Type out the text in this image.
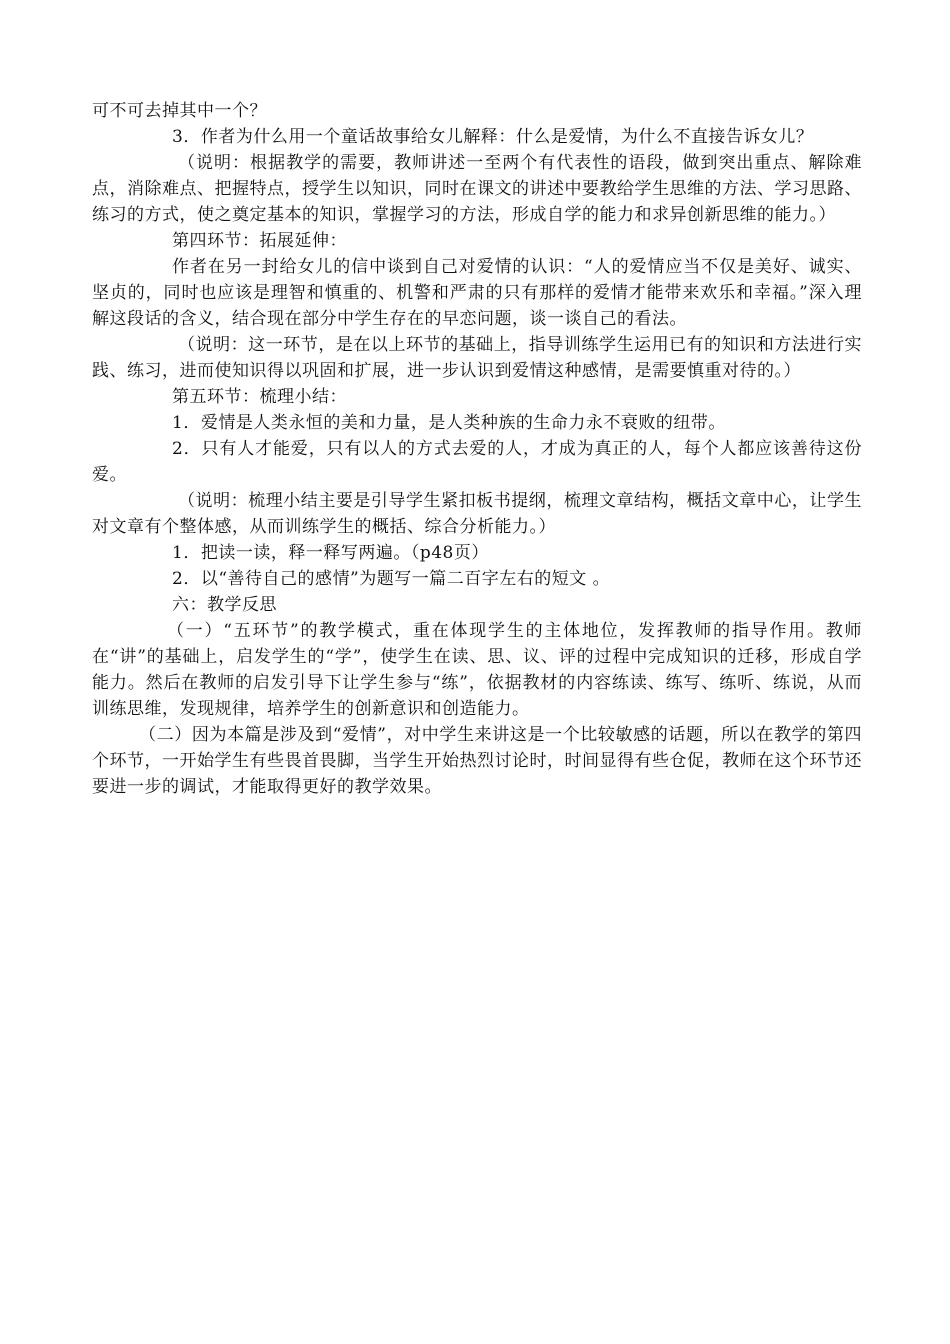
可不可去掉其中一个？

3．作者为什么用一个童话故事给女儿解释：什么是爱情，为什么不直接告诉女儿？

（说明：根据教学的需要，教师讲述一至两个有代表性的语段，做到突出重点、解除难点，消除难点、把握特点，授学生以知识，同时在课文的讲述中要教给学生思维的方法、学习思路、练习的方式，使之奠定基本的知识，掌握学习的方法，形成自学的能力和求异创新思维的能力。）

第四环节：拓展延伸：

作者在另一封给女儿的信中谈到自己对爱情的认识：“人的爱情应当不仅是美好、诚实、坚贞的，同时也应该是理智和慎重的、机警和严肃的只有那样的爱情才能带来欢乐和幸福。”深入理解这段话的含义，结合现在部分中学生存在的早恋问题，谈一谈自己的看法。

（说明：这一环节，是在以上环节的基础上，指导训练学生运用已有的知识和方法进行实践、练习，进而使知识得以巩固和扩展，进一步认识到爱情这种感情，是需要慎重对待的。）

第五环节：梳理小结：

1．爱情是人类永恒的美和力量，是人类种族的生命力永不衰败的纽带。

2．只有人才能爱，只有以人的方式去爱的人，才成为真正的人，每个人都应该善待这份爱。

（说明：梳理小结主要是引导学生紧扣板书提纲，梳理文章结构，概括文章中心，让学生对文章有个整体感，从而训练学生的概括、综合分析能力。）

1．把读一读，释一释写两遍。（p48页）

2．以“善待自己的感情”为题写一篇二百字左右的短文 。

六：教学反思

（一）“五环节”的教学模式，重在体现学生的主体地位，发挥教师的指导作用。教师在“讲”的基础上，启发学生的“学”，使学生在读、思、议、评的过程中完成知识的迁移，形成自学能力。然后在教师的启发引导下让学生参与“练”，依据教材的内容练读、练写、练听、练说，从而训练思维，发现规律，培养学生的创新意识和创造能力。

（二）因为本篇是涉及到“爱情”，对中学生来讲这是一个比较敏感的话题，所以在教学的第四个环节，一开始学生有些畏首畏脚，当学生开始热烈讨论时，时间显得有些仓促，教师在这个环节还要进一步的调试，才能取得更好的教学效果。
